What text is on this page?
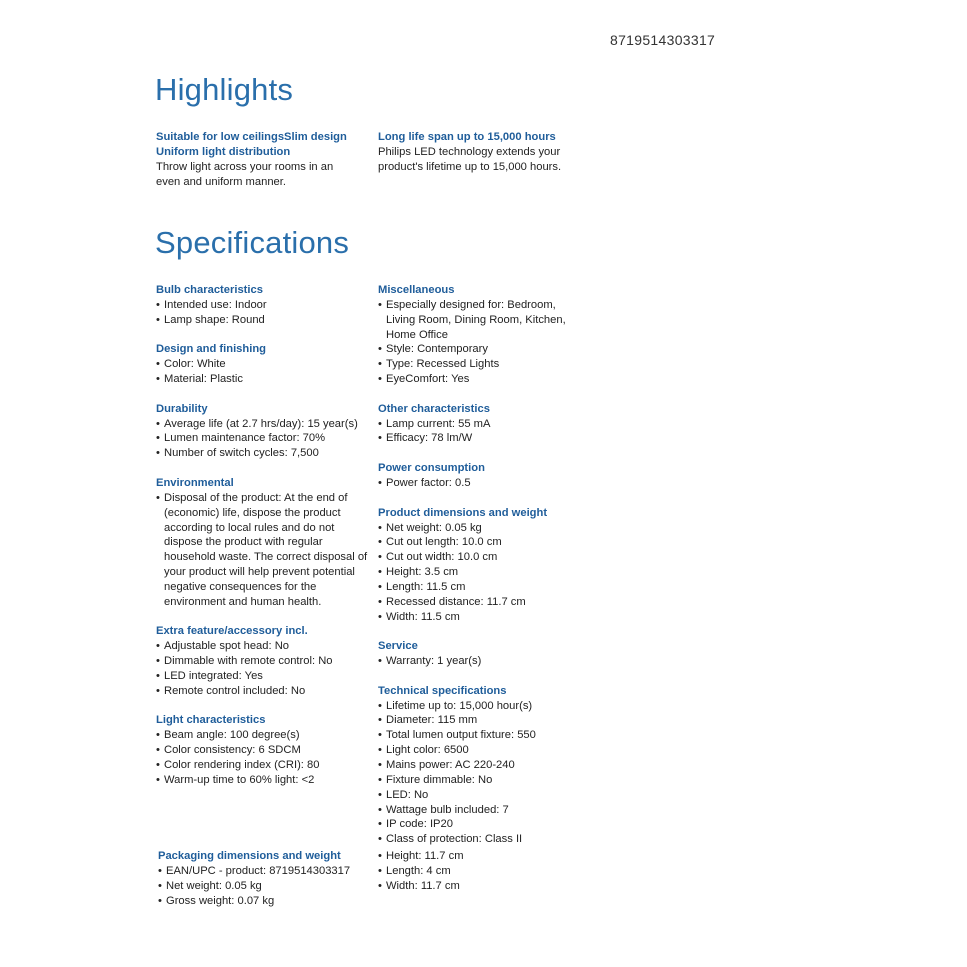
8719514303317
Highlights
Suitable for low ceilingsSlim design
Uniform light distribution
Throw light across your rooms in an even and uniform manner.
Long life span up to 15,000 hours
Philips LED technology extends your product's lifetime up to 15,000 hours.
Specifications
Bulb characteristics
• Intended use: Indoor
• Lamp shape: Round
Design and finishing
• Color: White
• Material: Plastic
Durability
• Average life (at 2.7 hrs/day): 15 year(s)
• Lumen maintenance factor: 70%
• Number of switch cycles: 7,500
Environmental
• Disposal of the product: At the end of (economic) life, dispose the product according to local rules and do not dispose the product with regular household waste. The correct disposal of your product will help prevent potential negative consequences for the environment and human health.
Extra feature/accessory incl.
• Adjustable spot head: No
• Dimmable with remote control: No
• LED integrated: Yes
• Remote control included: No
Light characteristics
• Beam angle: 100 degree(s)
• Color consistency: 6 SDCM
• Color rendering index (CRI): 80
• Warm-up time to 60% light: <2
Miscellaneous
• Especially designed for: Bedroom, Living Room, Dining Room, Kitchen, Home Office
• Style: Contemporary
• Type: Recessed Lights
• EyeComfort: Yes
Other characteristics
• Lamp current: 55 mA
• Efficacy: 78 lm/W
Power consumption
• Power factor: 0.5
Product dimensions and weight
• Net weight: 0.05 kg
• Cut out length: 10.0 cm
• Cut out width: 10.0 cm
• Height: 3.5 cm
• Length: 11.5 cm
• Recessed distance: 11.7 cm
• Width: 11.5 cm
Service
• Warranty: 1 year(s)
Technical specifications
• Lifetime up to: 15,000 hour(s)
• Diameter: 115 mm
• Total lumen output fixture: 550
• Light color: 6500
• Mains power: AC 220-240
• Fixture dimmable: No
• LED: No
• Wattage bulb included: 7
• IP code: IP20
• Class of protection: Class II
Packaging dimensions and weight
• EAN/UPC - product: 8719514303317
• Net weight: 0.05 kg
• Gross weight: 0.07 kg
• Height: 11.7 cm
• Length: 4 cm
• Width: 11.7 cm
